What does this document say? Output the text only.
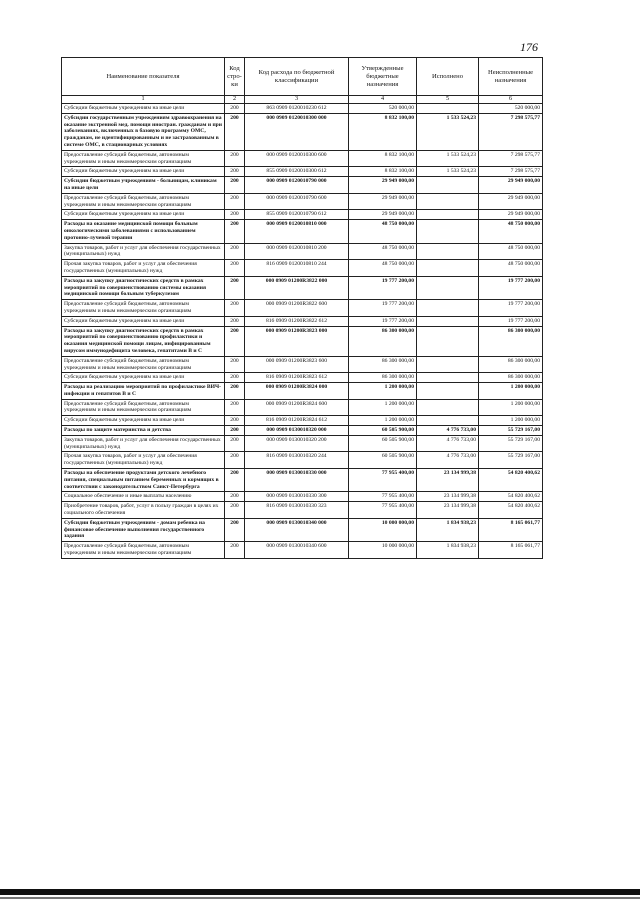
176
Наименование показателя	Код стро-ки	Код расхода по бюджетной классификации	Утвержденные бюджетные назначения	Исполнено	Неисполненные назначения
1	2	3	4	5	6
Субсидии бюджетным учреждениям на иные цели	200	863 0909 0120010230 612	520 000,00		520 000,00
Субсидии государственным учреждениям здравоохранения на оказание экстренной мед. помощи иностран. гражданам и при заболеваниях, включенных в базовую программу ОМС, гражданам, не идентифицированным и не застрахованным в системе ОМС, в стационарных условиях	200	000 0909 0120010300 000	8 832 100,00	1 533 524,23	7 298 575,77
Предоставление субсидий бюджетным, автономным учреждениям и иным некоммерческим организациям	200	000 0909 0120010300 600	8 832 100,00	1 533 524,23	7 298 575,77
Субсидии бюджетным учреждениям на иные цели	200	855 0909 0120010300 612	8 832 100,00	1 533 524,23	7 298 575,77
Субсидии бюджетным учреждениям - больницам, клиникам на иные цели	200	000 0909 0120010790 000	29 949 000,00		29 949 000,00
Предоставление субсидий бюджетным, автономным учреждениям и иным некоммерческим организациям	200	000 0909 0120010790 600	29 949 000,00		29 949 000,00
Субсидии бюджетным учреждениям на иные цели	200	855 0909 0120010790 612	29 949 000,00		29 949 000,00
Расходы на оказание медицинской помощи больным онкологическими заболеваниями с использованием протонно-лучевой терапии	200	000 0909 0120010810 000	48 750 000,00		48 750 000,00
Закупка товаров, работ и услуг для обеспечения государственных (муниципальных) нужд	200	000 0909 0120010810 200	48 750 000,00		48 750 000,00
Прочая закупка товаров, работ и услуг для обеспечения государственных (муниципальных) нужд	200	816 0909 0120010810 244	48 750 000,00		48 750 000,00
Расходы на закупку диагностических средств в рамках мероприятий по совершенствованию системы оказания медицинской помощи больным туберкулезом	200	000 0909 01200R3822 000	19 777 200,00		19 777 200,00
Предоставление субсидий бюджетным, автономным учреждениям и иным некоммерческим организациям	200	000 0909 01200R3822 600	19 777 200,00		19 777 200,00
Субсидии бюджетным учреждениям на иные цели	200	816 0909 01200R3822 612	19 777 200,00		19 777 200,00
Расходы на закупку диагностических средств в рамках мероприятий по совершенствованию профилактики и оказания медицинской помощи лицам, инфицированным вирусом иммунодефицита человека, гепатитами B и C	200	000 0909 01200R3823 000	86 300 000,00		86 300 000,00
Предоставление субсидий бюджетным, автономным учреждениям и иным некоммерческим организациям	200	000 0909 01200R3823 600	86 300 000,00		86 300 000,00
Субсидии бюджетным учреждениям на иные цели	200	816 0909 01200R3823 612	86 300 000,00		86 300 000,00
Расходы на реализацию мероприятий по профилактике ВИЧ-инфекции и гепатитов B и C	200	000 0909 01200R3824 000	1 200 000,00		1 200 000,00
Предоставление субсидий бюджетным, автономным учреждениям и иным некоммерческим организациям	200	000 0909 01200R3824 600	1 200 000,00		1 200 000,00
Субсидии бюджетным учреждениям на иные цели	200	816 0909 01200R3824 612	1 200 000,00		1 200 000,00
Расходы по защите материнства и детства	200	000 0909 0130010320 000	60 505 900,00	4 776 733,00	55 729 167,00
Закупка товаров, работ и услуг для обеспечения государственных (муниципальных) нужд	200	000 0909 0130010320 200	60 505 900,00	4 776 733,00	55 729 167,00
Прочая закупка товаров, работ и услуг для обеспечения государственных (муниципальных) нужд	200	816 0909 0130010320 244	60 505 900,00	4 776 733,00	55 729 167,00
Расходы на обеспечение продуктами детского лечебного питания, специальным питанием беременных и кормящих в соответствии с законодательством Санкт-Петербурга	200	000 0909 0130010330 000	77 955 400,00	23 134 999,38	54 820 400,62
Социальное обеспечение и иные выплаты населению	200	000 0909 0130010330 300	77 955 400,00	23 134 999,38	54 820 400,62
Приобретение товаров, работ, услуг в пользу граждан в целях их социального обеспечения	200	816 0909 0130010330 323	77 955 400,00	23 134 999,38	54 820 400,62
Субсидии бюджетным учреждениям - домам ребенка на финансовое обеспечение выполнения государственного задания	200	000 0909 0130010340 000	10 000 000,00	1 834 938,23	8 165 061,77
Предоставление субсидий бюджетным, автономным учреждениям и иным некоммерческим организациям	200	000 0909 0130010340 600	10 000 000,00	1 834 938,23	8 165 061,77
